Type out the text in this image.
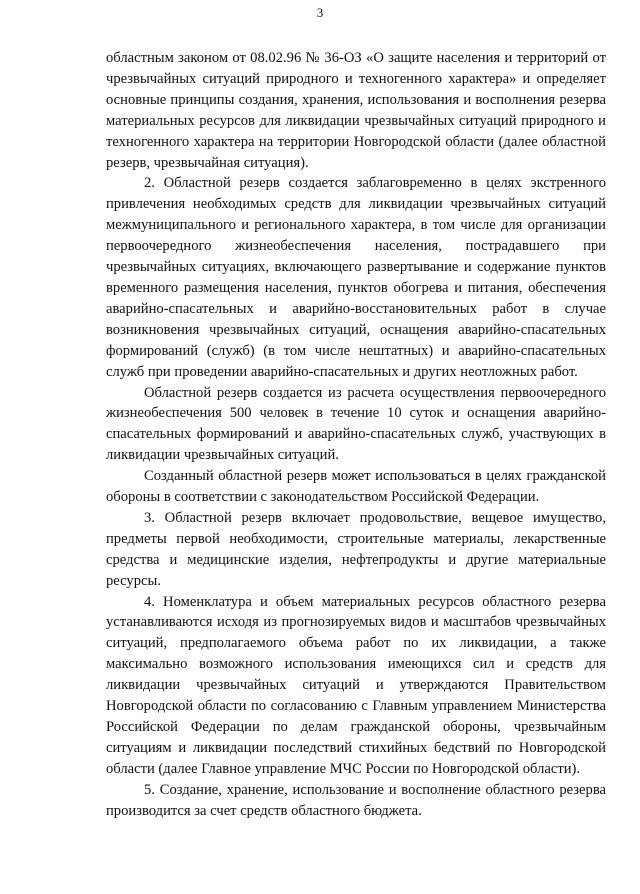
3

областным законом от 08.02.96 № 36-ОЗ «О защите населения и территорий от чрезвычайных ситуаций природного и техногенного характера» и определяет основные принципы создания, хранения, использования и восполнения резерва материальных ресурсов для ликвидации чрезвычайных ситуаций природного и техногенного характера на территории Новгородской области (далее областной резерв, чрезвычайная ситуация).

2. Областной резерв создается заблаговременно в целях экстренного привлечения необходимых средств для ликвидации чрезвычайных ситуаций межмуниципального и регионального характера, в том числе для организации первоочередного жизнеобеспечения населения, пострадавшего при чрезвычайных ситуациях, включающего развертывание и содержание пунктов временного размещения населения, пунктов обогрева и питания, обеспечения аварийно-спасательных и аварийно-восстановительных работ в случае возникновения чрезвычайных ситуаций, оснащения аварийно-спасательных формирований (служб) (в том числе нештатных) и аварийно-спасательных служб при проведении аварийно-спасательных и других неотложных работ.

Областной резерв создается из расчета осуществления первоочередного жизнеобеспечения 500 человек в течение 10 суток и оснащения аварийно-спасательных формирований и аварийно-спасательных служб, участвующих в ликвидации чрезвычайных ситуаций.

Созданный областной резерв может использоваться в целях гражданской обороны в соответствии с законодательством Российской Федерации.

3. Областной резерв включает продовольствие, вещевое имущество, предметы первой необходимости, строительные материалы, лекарственные средства и медицинские изделия, нефтепродукты и другие материальные ресурсы.

4. Номенклатура и объем материальных ресурсов областного резерва устанавливаются исходя из прогнозируемых видов и масштабов чрезвычайных ситуаций, предполагаемого объема работ по их ликвидации, а также максимально возможного использования имеющихся сил и средств для ликвидации чрезвычайных ситуаций и утверждаются Правительством Новгородской области по согласованию с Главным управлением Министерства Российской Федерации по делам гражданской обороны, чрезвычайным ситуациям и ликвидации последствий стихийных бедствий по Новгородской области (далее Главное управление МЧС России по Новгородской области).

5. Создание, хранение, использование и восполнение областного резерва производится за счет средств областного бюджета.
